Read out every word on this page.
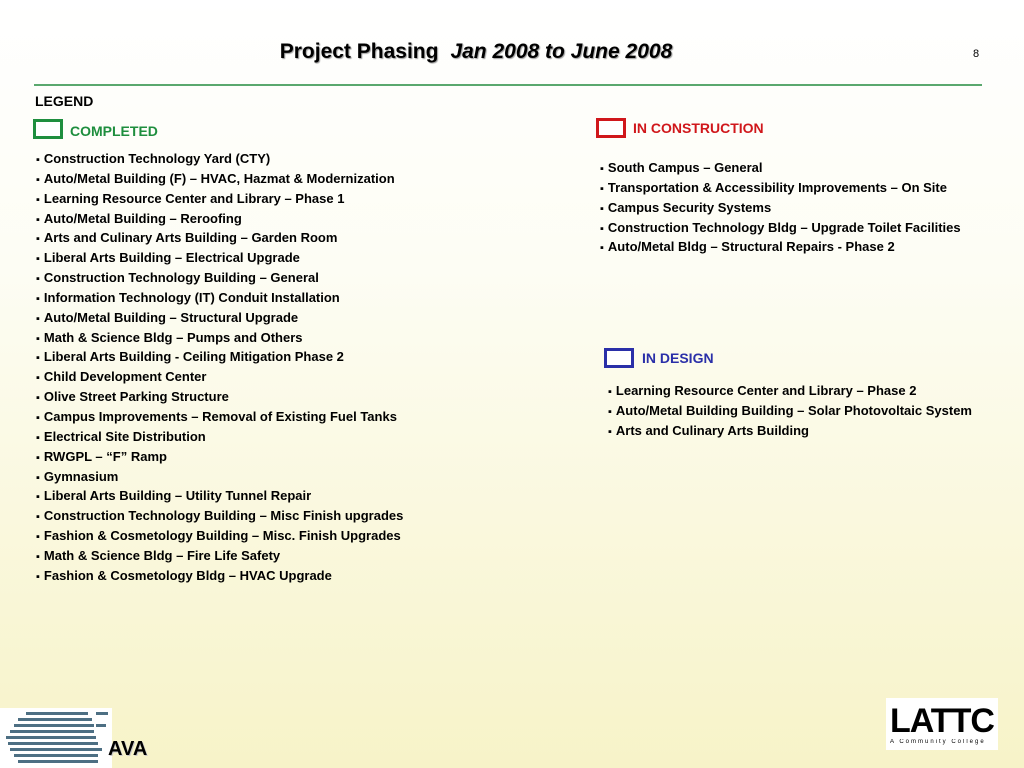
Project Phasing Jan 2008 to June 2008	8
LEGEND
COMPLETED
▪ Construction Technology Yard (CTY)
▪ Auto/Metal Building (F) – HVAC, Hazmat & Modernization
▪ Learning Resource Center and Library – Phase 1
▪ Auto/Metal Building – Reroofing
▪ Arts and Culinary Arts Building – Garden Room
▪ Liberal Arts Building – Electrical Upgrade
▪ Construction Technology Building – General
▪ Information Technology (IT) Conduit Installation
▪ Auto/Metal Building – Structural Upgrade
▪ Math & Science Bldg – Pumps and Others
▪ Liberal Arts Building - Ceiling Mitigation Phase 2
▪ Child Development Center
▪ Olive Street Parking Structure
▪ Campus Improvements – Removal of Existing Fuel Tanks
▪ Electrical Site Distribution
▪ RWGPL – “F” Ramp
▪ Gymnasium
▪ Liberal Arts Building – Utility Tunnel Repair
▪ Construction Technology Building – Misc Finish upgrades
▪ Fashion & Cosmetology Building – Misc. Finish Upgrades
▪ Math & Science Bldg – Fire Life Safety
▪ Fashion & Cosmetology Bldg – HVAC Upgrade
IN CONSTRUCTION
▪ South Campus – General
▪ Transportation & Accessibility Improvements – On Site
▪ Campus Security Systems
▪ Construction Technology Bldg – Upgrade Toilet Facilities
▪ Auto/Metal Bldg – Structural Repairs - Phase 2
IN DESIGN
▪ Learning Resource Center and Library – Phase 2
▪ Auto/Metal Building Building – Solar Photovoltaic System
▪ Arts and Culinary Arts Building
AVA
LATTC
A Community College
